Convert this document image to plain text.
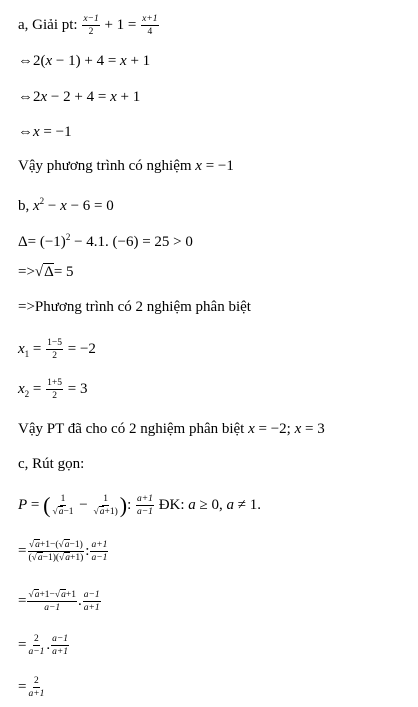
a, Giải pt: $\frac{x-1}{2} + 1 = \frac{x+1}{4}$
⇔2(x − 1) + 4 = x + 1
⇔2x − 2 + 4 = x + 1
⇔x = −1
Vậy phương trình có nghiệm x = −1
b, $x^2 - x - 6 = 0$
$\Delta= (-1)^2 - 4.1$. (−6) = 25 > 0
=>√Δ= 5
=>Phương trình có 2 nghiệm phân biệt
$x_1 = \frac{1-5}{2} = -2$
$x_2 = \frac{1+5}{2} = 3$
Vậy PT đã cho có 2 nghiệm phân biệt x = −2; x = 3
c, Rút gọn:
P = ( $\frac{1}{√a-1} - \frac{1}{√a+1)}$ ): $\frac{a+1}{a-1}$ ĐK: a ≥ 0, a ≠ 1.
= $\frac{√a+1-(√a-1)}{(√a-1)(√a+1)}$ : $\frac{a+1}{a-1}$
= $\frac{√a+1-√a+1}{a-1}$ . $\frac{a-1}{a+1}$
= $\frac{2}{a-1}$ . $\frac{a-1}{a+1}$
= $\frac{2}{a+1}$
